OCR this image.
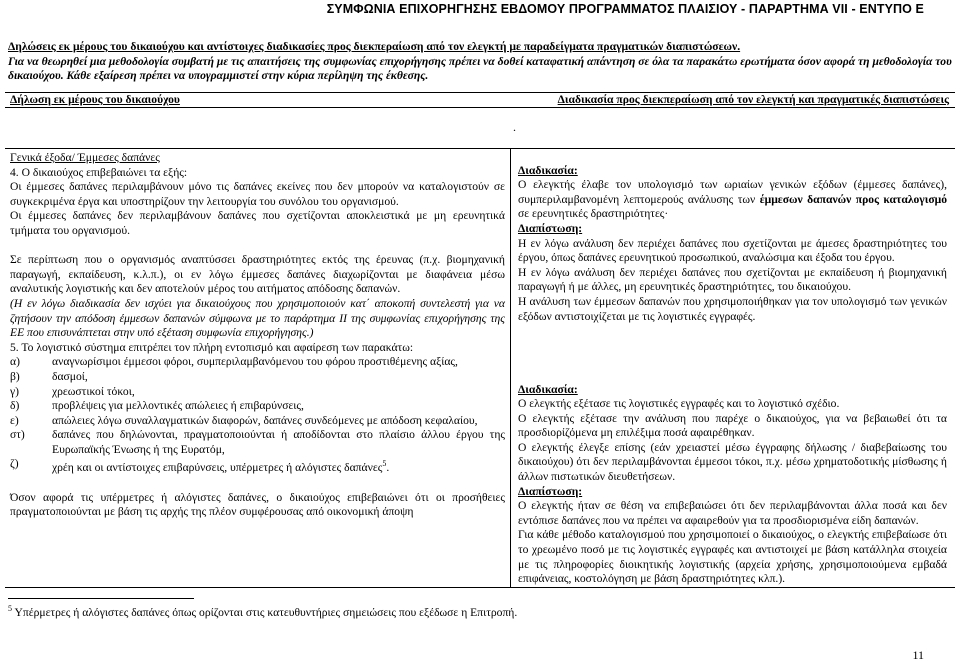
ΣΥΜΦΩΝΙΑ ΕΠΙΧΟΡΗΓΗΣΗΣ ΕΒΔΟΜΟΥ ΠΡΟΓΡΑΜΜΑΤΟΣ ΠΛΑΙΣΙΟΥ - ΠΑΡΑΡΤΗΜΑ VII - ΕΝΤΥΠΟ Ε

Δηλώσεις εκ μέρους του δικαιούχου και αντίστοιχες διαδικασίες προς διεκπεραίωση από τον ελεγκτή με παραδείγματα πραγματικών διαπιστώσεων.

Για να θεωρηθεί μια μεθοδολογία συμβατή με τις απαιτήσεις της συμφωνίας επιχορήγησης πρέπει να δοθεί καταφατική απάντηση σε όλα τα παρακάτω ερωτήματα όσον αφορά τη μεθοδολογία του δικαιούχου. Κάθε εξαίρεση πρέπει να υπογραμμιστεί στην κύρια περίληψη της έκθεσης.

Δήλωση εκ μέρους του δικαιούχου	Διαδικασία προς διεκπεραίωση από τον ελεγκτή και πραγματικές διαπιστώσεις
.
Γενικά έξοδα/ Έμμεσες δαπάνες

4. Ο δικαιούχος επιβεβαιώνει τα εξής:

Οι έμμεσες δαπάνες περιλαμβάνουν μόνο τις δαπάνες εκείνες που δεν μπορούν να καταλογιστούν σε συγκεκριμένα έργα και υποστηρίζουν την λειτουργία του συνόλου του οργανισμού.

Οι έμμεσες δαπάνες δεν περιλαμβάνουν δαπάνες που σχετίζονται αποκλειστικά με μη ερευνητικά τμήματα του οργανισμού.

Σε περίπτωση που ο οργανισμός αναπτύσσει δραστηριότητες εκτός της έρευνας (π.χ. βιομηχανική παραγωγή, εκπαίδευση, κ.λ.π.), οι εν λόγω έμμεσες δαπάνες διαχωρίζονται με διαφάνεια μέσω αναλυτικής λογιστικής και δεν αποτελούν μέρος του αιτήματος απόδοσης δαπανών.

(Η εν λόγω διαδικασία δεν ισχύει για δικαιούχους που χρησιμοποιούν κατ΄ αποκοπή συντελεστή για να ζητήσουν την απόδοση έμμεσων δαπανών σύμφωνα με το παράρτημα II της συμφωνίας επιχορήγησης της ΕΕ που επισυνάπτεται στην υπό εξέταση συμφωνία επιχορήγησης.)

5. Το λογιστικό σύστημα επιτρέπει τον πλήρη εντοπισμό και αφαίρεση των παρακάτω:

α)	αναγνωρίσιμοι έμμεσοι φόροι, συμπεριλαμβανόμενου του φόρου προστιθέμενης αξίας,
β)	δασμοί,
γ)	χρεωστικοί τόκοι,
δ)	προβλέψεις για μελλοντικές απώλειες ή επιβαρύνσεις,
ε)	απώλειες λόγω συναλλαγματικών διαφορών, δαπάνες συνδεόμενες με απόδοση κεφαλαίου,
στ)	δαπάνες που δηλώνονται, πραγματοποιούνται ή αποδίδονται στο πλαίσιο άλλου έργου της Ευρωπαϊκής Ένωσης ή της Ευρατόμ,
ζ)	χρέη και οι αντίστοιχες επιβαρύνσεις, υπέρμετρες ή αλόγιστες δαπάνες$^5$.

Όσον αφορά τις υπέρμετρες ή αλόγιστες δαπάνες, ο δικαιούχος επιβεβαιώνει ότι οι προσήθειες πραγματοποιούνται με βάση τις αρχής της πλέον συμφέρουσας από οικονομική άποψη

Διαδικασία:

Ο ελεγκτής έλαβε τον υπολογισμό των ωριαίων γενικών εξόδων (έμμεσες δαπάνες), συμπεριλαμβανομένη λεπτομερούς ανάλυσης των έμμεσων δαπανών προς καταλογισμό σε ερευνητικές δραστηριότητες·

Διαπίστωση:

Η εν λόγω ανάλυση δεν περιέχει δαπάνες που σχετίζονται με άμεσες δραστηριότητες του έργου, όπως δαπάνες ερευνητικού προσωπικού, αναλώσιμα και έξοδα του έργου.

Η εν λόγω ανάλυση δεν περιέχει δαπάνες που σχετίζονται με εκπαίδευση ή βιομηχανική παραγωγή ή με άλλες, μη ερευνητικές δραστηριότητες, του δικαιούχου.

Η ανάλυση των έμμεσων δαπανών που χρησιμοποιήθηκαν για τον υπολογισμό των γενικών εξόδων αντιστοιχίζεται με τις λογιστικές εγγραφές.

Διαδικασία:

Ο ελεγκτής εξέτασε τις λογιστικές εγγραφές και το λογιστικό σχέδιο.

Ο ελεγκτής εξέτασε την ανάλυση που παρέχε ο δικαιούχος, για να βεβαιωθεί ότι τα προσδιορίζόμενα μη επιλέξιμα ποσά αφαιρέθηκαν.

Ο ελεγκτής έλεγξε επίσης (εάν χρειαστεί μέσω έγγραφης δήλωσης / διαβεβαίωσης του δικαιούχου) ότι δεν περιλαμβάνονται έμμεσοι τόκοι, π.χ. μέσω χρηματοδοτικής μίσθωσης ή άλλων πιστωτικών διευθετήσεων.

Διαπίστωση:

Ο ελεγκτής ήταν σε θέση να επιβεβαιώσει ότι δεν περιλαμβάνονται άλλα ποσά και δεν εντόπισε δαπάνες που να πρέπει να αφαιρεθούν για τα προσδιορισμένα είδη δαπανών.

Για κάθε μέθοδο καταλογισμού που χρησιμοποιεί ο δικαιούχος, ο ελεγκτής επιβεβαίωσε ότι το χρεωμένο ποσό με τις λογιστικές εγγραφές και αντιστοιχεί με βάση κατάλληλα στοιχεία με τις πληροφορίες διοικητικής λογιστικής (αρχεία χρήσης, χρησιμοποιούμενα εμβαδά επιφάνειας, κοστολόγηση με βάση δραστηριότητες κλπ.).

$^5$ Υπέρμετρες ή αλόγιστες δαπάνες όπως ορίζονται στις κατευθυντήριες σημειώσεις που εξέδωσε η Επιτροπή.
11
